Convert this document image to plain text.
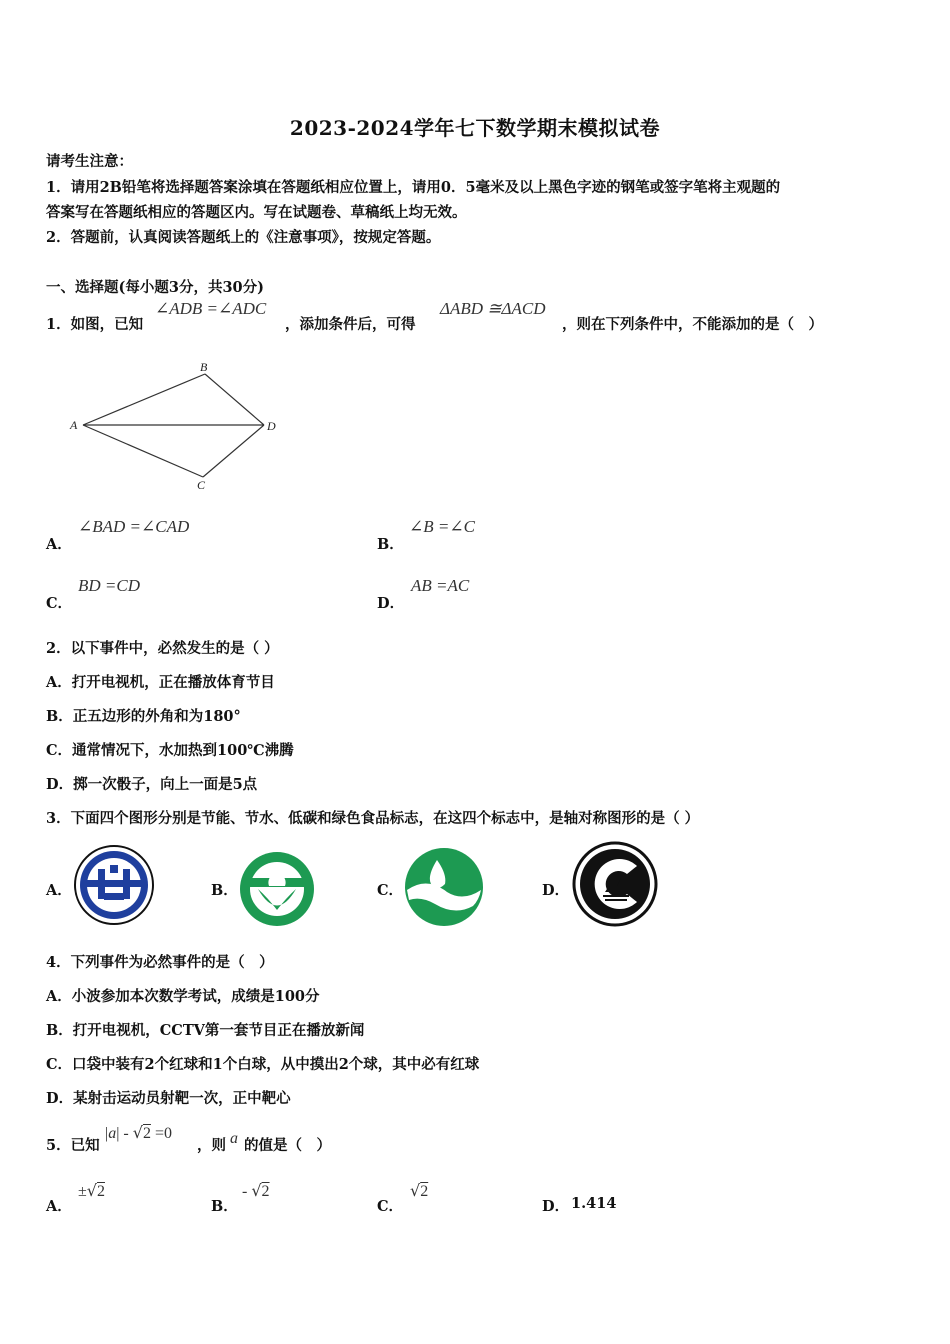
2023-2024学年七下数学期末模拟试卷
请考生注意：
1．请用2B铅笔将选择题答案涂填在答题纸相应位置上，请用0．5毫米及以上黑色字迹的钢笔或签字笔将主观题的
答案写在答题纸相应的答题区内。写在试题卷、草稿纸上均无效。
2．答题前，认真阅读答题纸上的《注意事项》，按规定答题。
一、选择题(每小题3分，共30分)
1．如图，已知
∠ADB =∠ADC
，添加条件后，可得
ΔABD ≅ΔACD
，则在下列条件中，不能添加的是（　）
A
B
C
D
A．
∠BAD =∠CAD
B．
∠B =∠C
C．
BD =CD
D．
AB =AC
2．以下事件中，必然发生的是（ ）
A．打开电视机，正在播放体育节目
B．正五边形的外角和为180°
C．通常情况下，水加热到100℃沸腾
D．掷一次骰子，向上一面是5点
3．下面四个图形分别是节能、节水、低碳和绿色食品标志，在这四个标志中，是轴对称图形的是（ ）
A．	B．	C．	D．
4．下列事件为必然事件的是（　）
A．小波参加本次数学考试，成绩是100分
B．打开电视机，CCTV第一套节目正在播放新闻
C．口袋中装有2个红球和1个白球，从中摸出2个球，其中必有红球
D．某射击运动员射靶一次，正中靶心
5．已知
|a| - √2 =0
，则 a 的值是（　）
A．
±√2
B．
- √2
C．
√2
D． 1.414
